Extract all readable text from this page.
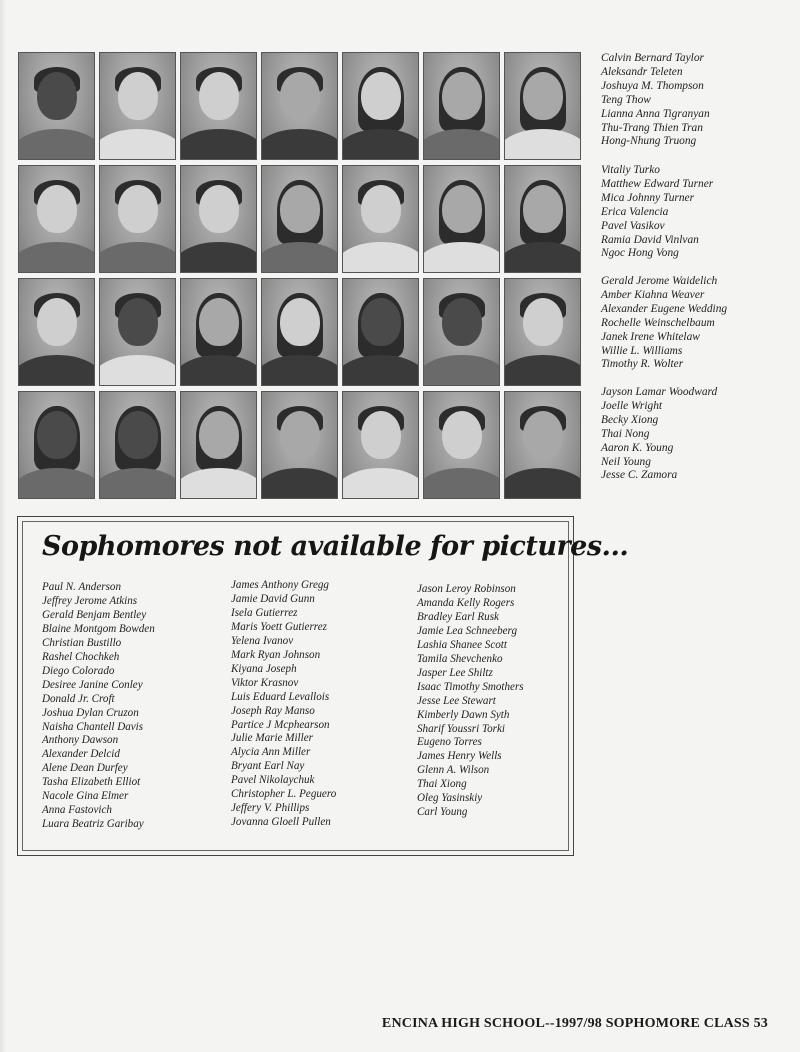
Calvin Bernard Taylor
Aleksandr Teleten
Joshuya M. Thompson
Teng Thow
Lianna Anna Tigranyan
Thu-Trang Thien Tran
Hong-Nhung Truong
Vitaliy Turko
Matthew Edward Turner
Mica Johnny Turner
Erica Valencia
Pavel Vasikov
Ramia David Vinlvan
Ngoc Hong Vong
Gerald Jerome Waidelich
Amber Kiahna Weaver
Alexander Eugene Wedding
Rochelle Weinschelbaum
Janek Irene Whitelaw
Willie L. Williams
Timothy R. Wolter
Jayson Lamar Woodward
Joelle Wright
Becky Xiong
Thai Nong
Aaron K. Young
Neil Young
Jesse C. Zamora
Sophomores not available for pictures...
Paul N. Anderson
Jeffrey Jerome Atkins
Gerald Benjam Bentley
Blaine Montgom Bowden
Christian Bustillo
Rashel Chochkeh
Diego Colorado
Desiree Janine Conley
Donald Jr. Croft
Joshua Dylan Cruzon
Naisha Chantell Davis
Anthony Dawson
Alexander Delcid
Alene Dean Durfey
Tasha Elizabeth Elliot
Nacole Gina Elmer
Anna Fastovich
Luara Beatriz Garibay
James Anthony Gregg
Jamie David Gunn
Isela Gutierrez
Maris Yoett Gutierrez
Yelena Ivanov
Mark Ryan Johnson
Kiyana Joseph
Viktor Krasnov
Luis Eduard Levallois
Joseph Ray Manso
Partice J Mcphearson
Julie Marie Miller
Alycia Ann Miller
Bryant Earl Nay
Pavel Nikolaychuk
Christopher L. Peguero
Jeffery V. Phillips
Jovanna Gloell Pullen
Jason Leroy Robinson
Amanda Kelly Rogers
Bradley Earl Rusk
Jamie Lea Schneeberg
Lashia Shanee Scott
Tamila Shevchenko
Jasper Lee Shiltz
Isaac Timothy Smothers
Jesse Lee Stewart
Kimberly Dawn Syth
Sharif Youssri Torki
Eugeno Torres
James Henry Wells
Glenn A. Wilson
Thai Xiong
Oleg Yasinskiy
Carl Young
ENCINA HIGH SCHOOL--1997/98 SOPHOMORE CLASS 53
